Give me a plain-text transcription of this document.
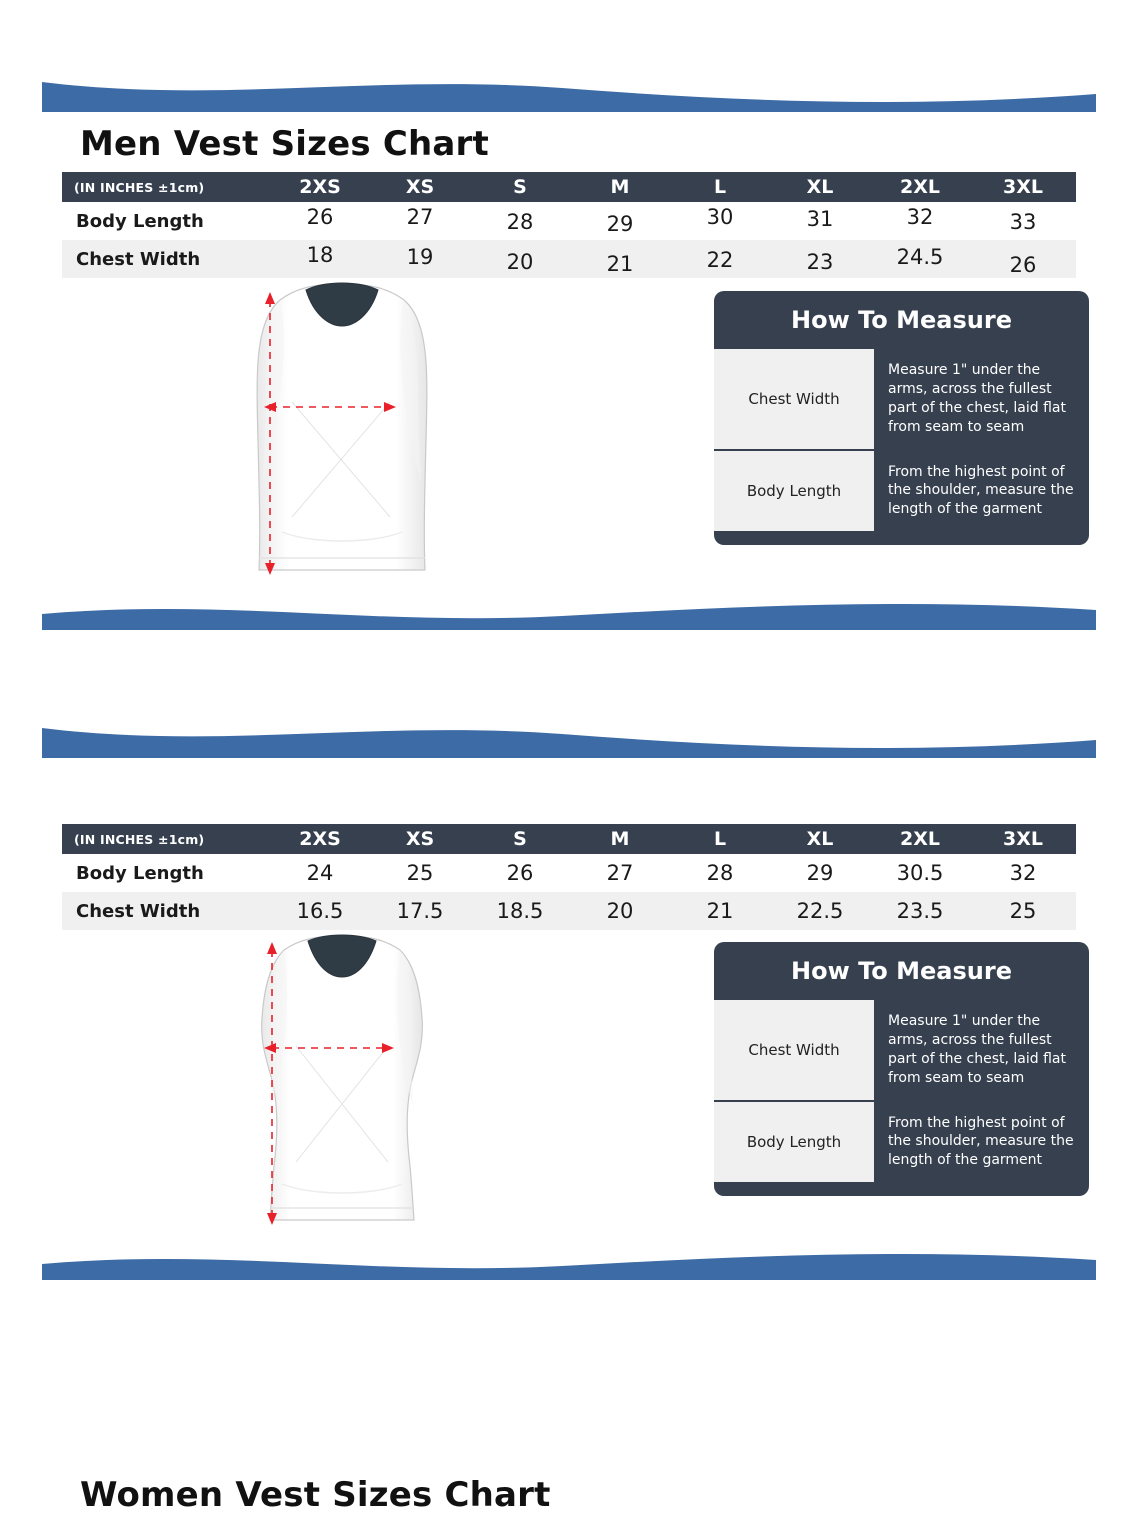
Men Vest Sizes Chart
(IN INCHES ±1cm)	2XS	XS	S	M	L	XL	2XL	3XL
Body Length	26	27	28	29	30	31	32	33
Chest Width	18	19	20	21	22	23	24.5	26
How To Measure
Chest Width
Measure 1" under the arms, across the fullest part of the chest, laid flat from seam to seam
Body Length
From the highest point of the shoulder, measure the length of the garment
Women Vest Sizes Chart
(IN INCHES ±1cm)	2XS	XS	S	M	L	XL	2XL	3XL
Body Length	24	25	26	27	28	29	30.5	32
Chest Width	16.5	17.5	18.5	20	21	22.5	23.5	25
How To Measure
Chest Width
Measure 1" under the arms, across the fullest part of the chest, laid flat from seam to seam
Body Length
From the highest point of the shoulder, measure the length of the garment
